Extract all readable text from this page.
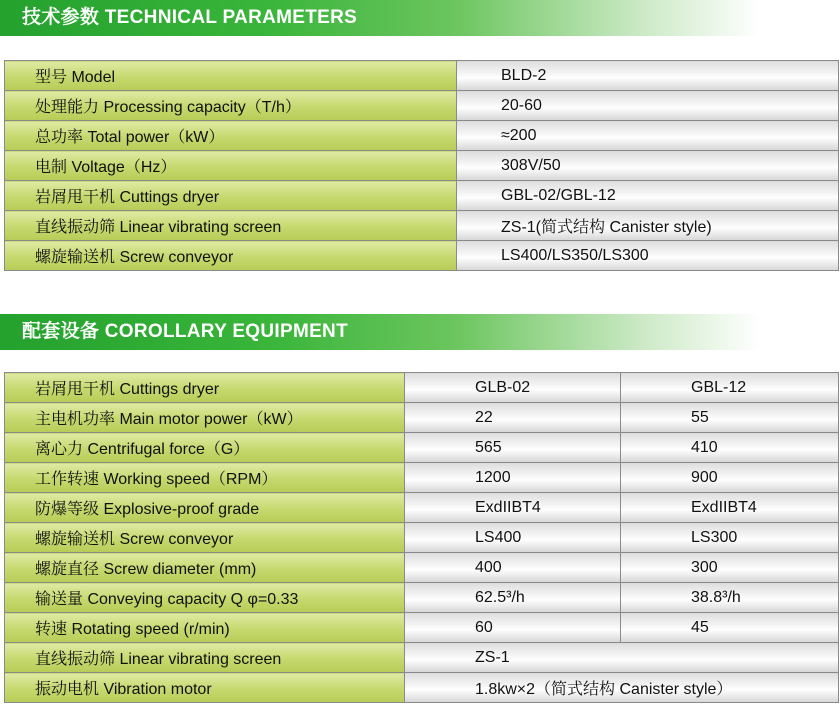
技术参数 TECHNICAL PARAMETERS
型号 Model	BLD-2
处理能力 Processing capacity（T/h）	20-60
总功率 Total power（kW）	≈200
电制 Voltage（Hz）	308V/50
岩屑甩干机 Cuttings dryer	GBL-02/GBL-12
直线振动筛 Linear vibrating screen	ZS-1(简式结构 Canister style)
螺旋输送机 Screw conveyor	LS400/LS350/LS300
配套设备 COROLLARY EQUIPMENT
岩屑甩干机 Cuttings dryer	GLB-02	GBL-12
主电机功率 Main motor power（kW）	22	55
离心力 Centrifugal force（G）	565	410
工作转速 Working speed（RPM）	1200	900
防爆等级 Explosive-proof grade	ExdIIBT4	ExdIIBT4
螺旋输送机 Screw conveyor	LS400	LS300
螺旋直径 Screw diameter (mm)	400	300
输送量 Conveying capacity Q φ=0.33	62.5³/h	38.8³/h
转速 Rotating speed (r/min)	60	45
直线振动筛 Linear vibrating screen	ZS-1	
振动电机 Vibration motor	1.8kw×2（简式结构 Canister style）	
